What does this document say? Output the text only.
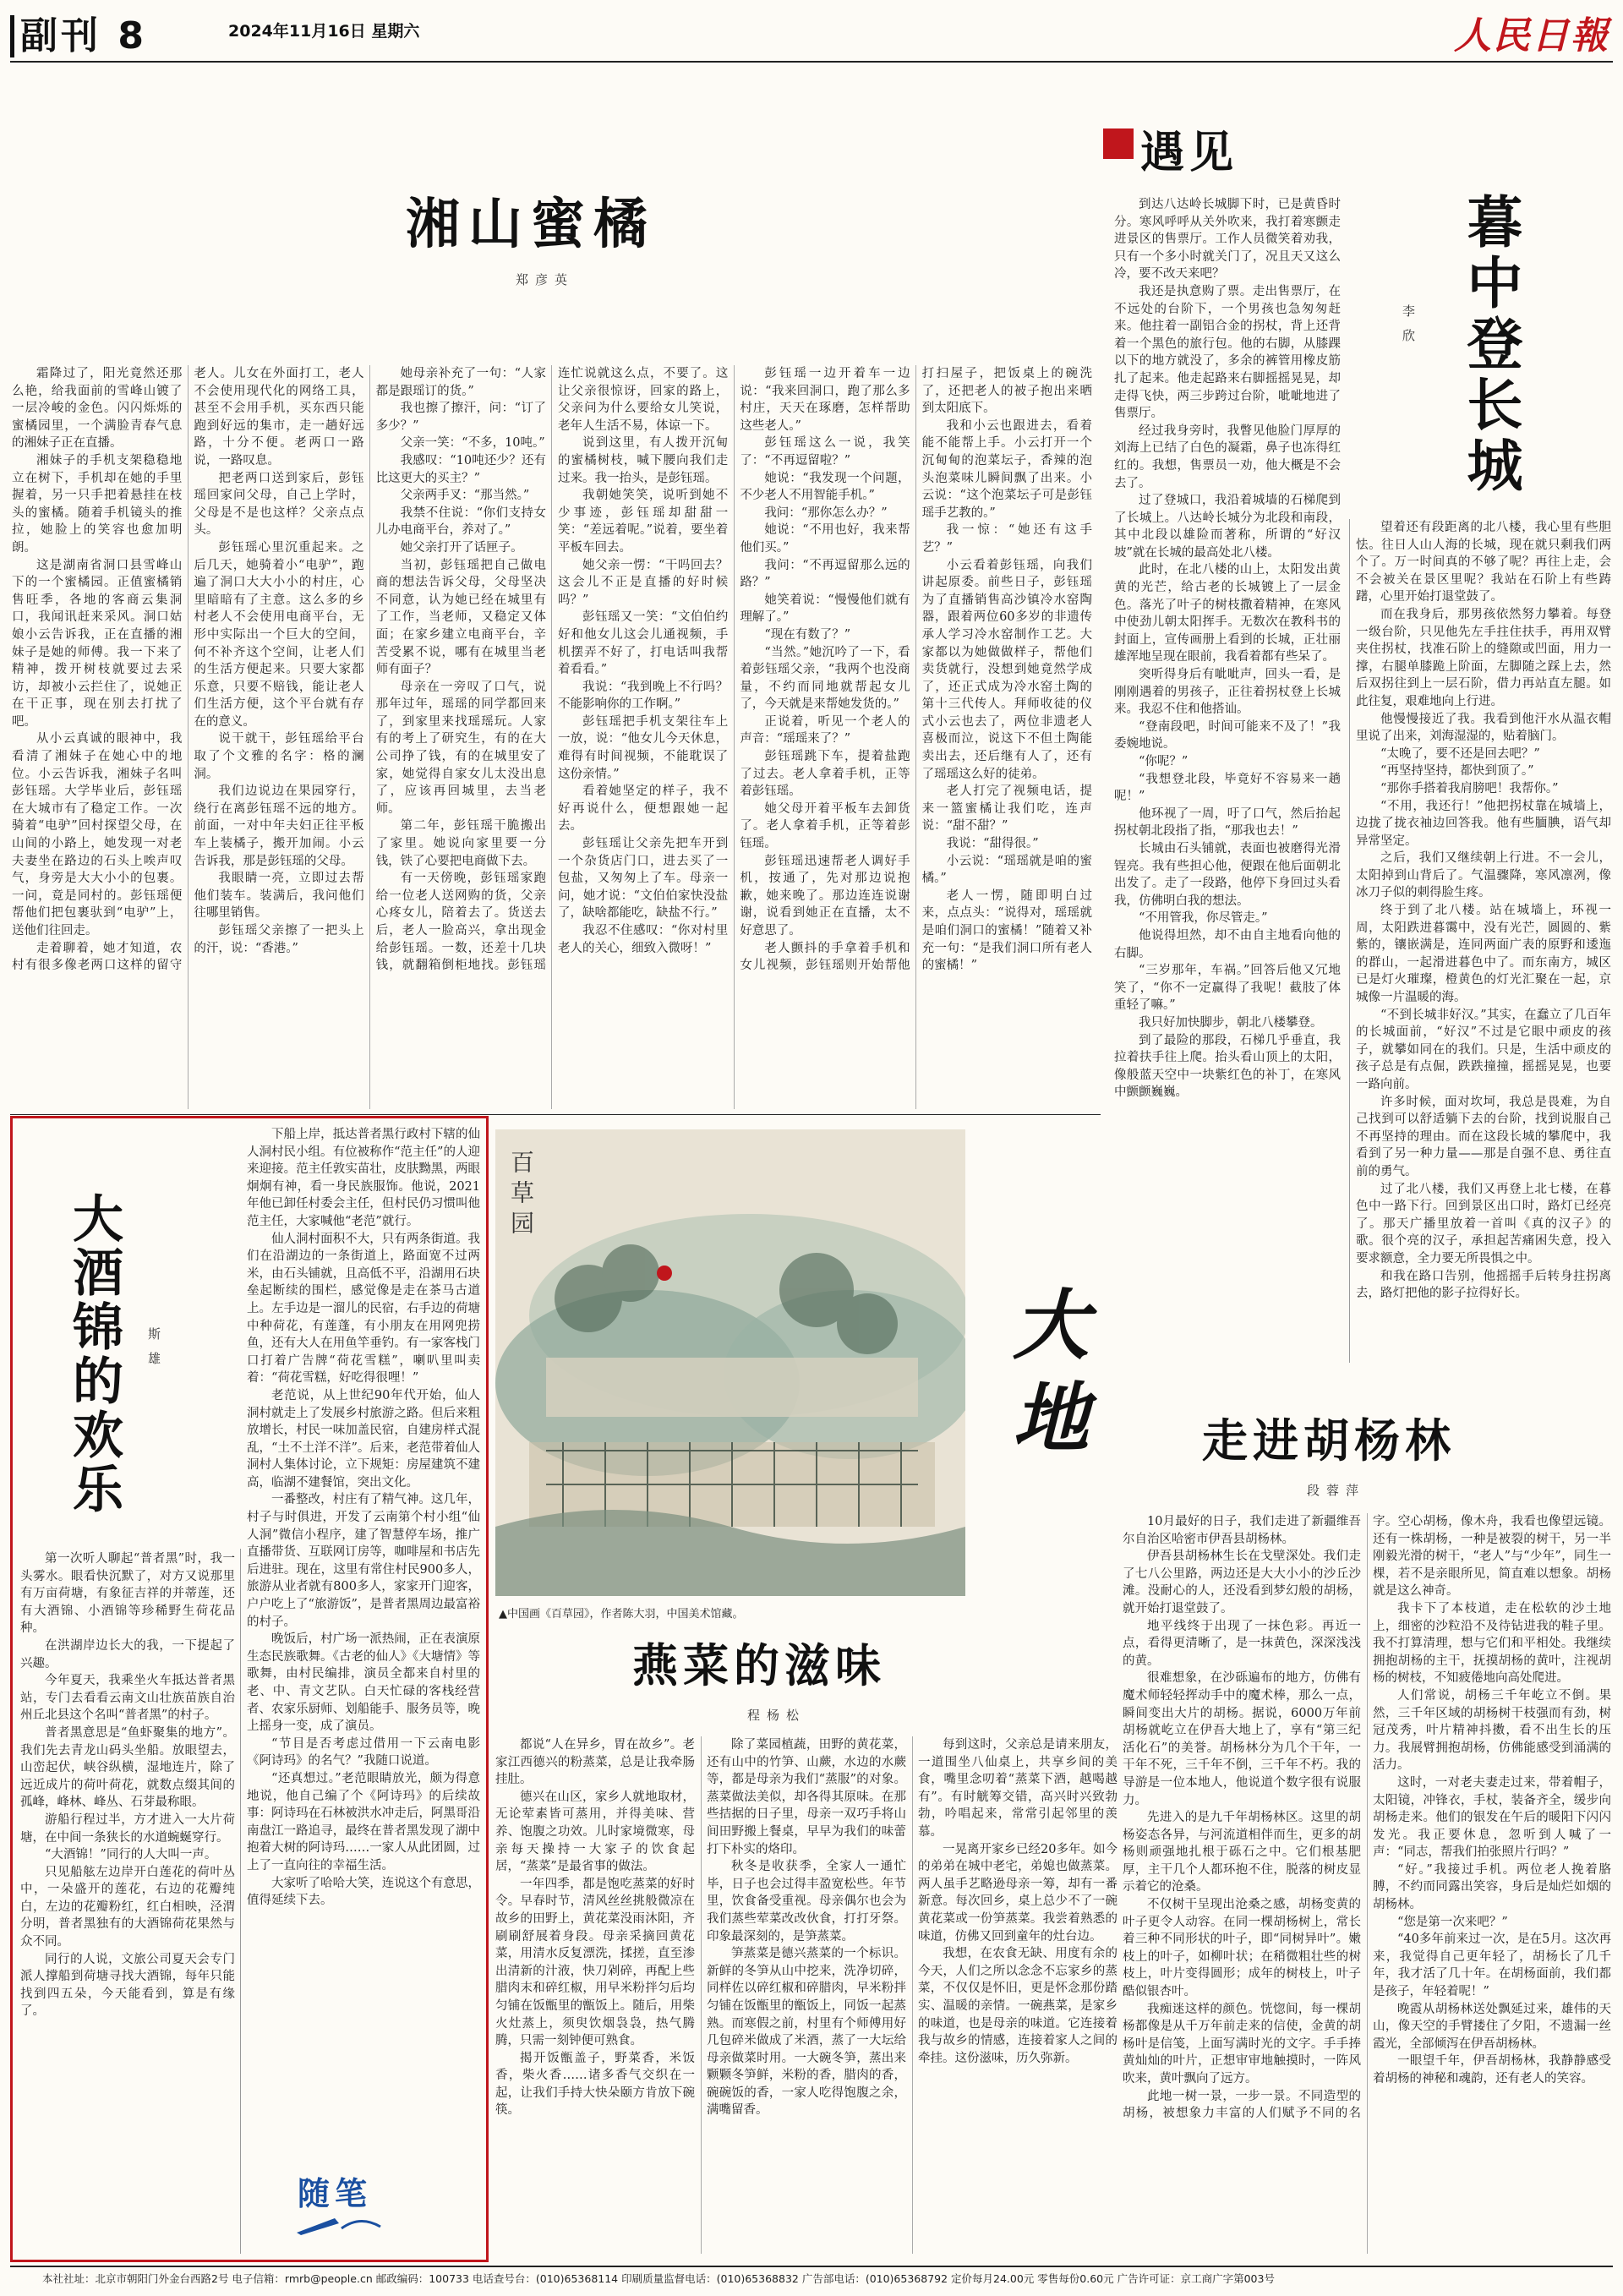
副刊 8	2024年11月16日 星期六	人民日報
湘山蜜橘
郑彦英

霜降过了，阳光竟然还那么艳，给我面前的雪峰山镀了一层冷峻的金色。闪闪烁烁的蜜橘园里，一个满脸青春气息的湘妹子正在直播。

湘妹子的手机支架稳稳地立在树下，手机却在她的手里握着，另一只手把着悬挂在枝头的蜜橘。随着手机镜头的推拉，她脸上的笑容也愈加明朗。

这是湖南省洞口县雪峰山下的一个蜜橘园。正值蜜橘销售旺季，各地的客商云集洞口，我闻讯赶来采风。洞口姑娘小云告诉我，正在直播的湘妹子是她的师傅。我一下来了精神，拨开树枝就要过去采访，却被小云拦住了，说她正在干正事，现在别去打扰了吧。

从小云真诚的眼神中，我看清了湘妹子在她心中的地位。小云告诉我，湘妹子名叫彭钰瑶。大学毕业后，彭钰瑶在大城市有了稳定工作。一次骑着“电驴”回村探望父母，在山间的小路上，她发现一对老夫妻坐在路边的石头上唉声叹气，身旁是大大小小的包裹。一问，竟是同村的。彭钰瑶便帮他们把包裹驮到“电驴”上，送他们往回走。

走着聊着，她才知道，农村有很多像老两口这样的留守老人。儿女在外面打工，老人不会使用现代化的网络工具，甚至不会用手机，买东西只能跑到好远的集市，走一趟好远路，十分不便。老两口一路说，一路叹息。

把老两口送到家后，彭钰瑶回家问父母，自己上学时，父母是不是也这样？父亲点点头。

彭钰瑶心里沉重起来。之后几天，她骑着小“电驴”，跑遍了洞口大大小小的村庄，心里暗暗有了主意。这么多的乡村老人不会使用电商平台，无形中实际出一个巨大的空间，何不补齐这个空间，让老人们的生活方便起来。只要大家都乐意，只要不赔钱，能让老人们生活方便，这个平台就有存在的意义。

说干就干，彭钰瑶给平台取了个文雅的名字：格的澜洞。

我们边说边在果园穿行，绕行在离彭钰瑶不远的地方。前面，一对中年夫妇正往平板车上装橘子，搬开加闹。小云告诉我，那是彭钰瑶的父母。

我眼睛一亮，立即过去帮他们装车。装满后，我问他们往哪里销售。

彭钰瑶父亲擦了一把头上的汗，说：“香港。”

她母亲补充了一句：“人家都是跟瑶订的货。”

我也擦了擦汗，问：“订了多少？”

父亲一笑：“不多，10吨。”

我感叹：“10吨还少？还有比这更大的买主？”

父亲两手叉：“那当然。”

我禁不住说：“你们支持女儿办电商平台，养对了。”

她父亲打开了话匣子。

当初，彭钰瑶把自己做电商的想法告诉父母，父母坚决不同意，认为她已经在城里有了工作，当老师，又稳定又体面；在家乡建立电商平台，辛苦受累不说，哪有在城里当老师有面子？

母亲在一旁叹了口气，说那年过年，瑶瑶的同学都回来了，到家里来找瑶瑶玩。人家有的考上了研究生，有的在大公司挣了钱，有的在城里安了家，她觉得自家女儿太没出息了，应该再回城里，去当老师。

第二年，彭钰瑶干脆搬出了家里。她说向家里要一分钱，铁了心要把电商做下去。

有一天傍晚，彭钰瑶家跑给一位老人送网购的货，父亲心疼女儿，陪着去了。货送去后，老人一脸高兴，拿出现金给彭钰瑶。一数，还差十几块钱，就翻箱倒柜地找。彭钰瑶连忙说就这么点，不要了。这让父亲很惊讶，回家的路上，父亲问为什么要给女儿笑说，老年人生活不易，体谅一下。

说到这里，有人拨开沉甸的蜜橘树枝，喊下腰向我们走过来。我一抬头，是彭钰瑶。

我朝她笑笑，说听到她不少事迹，彭钰瑶却甜甜一笑：“差远着呢。”说着，要坐着平板车回去。

她父亲一愣：“干吗回去？这会儿不正是直播的好时候吗？”

彭钰瑶又一笑：“文伯伯约好和他女儿这会儿通视频，手机摆弄不好了，打电话叫我帮着看看。”

我说：“我到晚上不行吗？不能影响你的工作啊。”

彭钰瑶把手机支架往车上一放，说：“他女儿今天休息，难得有时间视频，不能耽误了这份亲情。”

看着她坚定的样子，我不好再说什么，便想跟她一起去。

彭钰瑶让父亲先把车开到一个杂货店门口，进去买了一包盐，又匆匆上了车。母亲一问，她才说：“文伯伯家快没盐了，缺啥都能吃，缺盐不行。”

我忍不住感叹：“你对村里老人的关心，细致入微呀！”

彭钰瑶一边开着车一边说：“我来回洞口，跑了那么多村庄，天天在琢磨，怎样帮助这些老人。”

彭钰瑶这么一说，我笑了：“不再逗留啦？”

她说：“我发现一个问题，不少老人不用智能手机。”

我问：“那你怎么办？”

她说：“不用也好，我来帮他们买。”

我问：“不再逗留那么远的路？”

她笑着说：“慢慢他们就有理解了。”

“现在有数了？”

“当然。”她沉吟了一下，看着彭钰瑶父亲，“我两个也没商量，不约而同地就帮起女儿了，今天就是来帮她发货的。”

正说着，听见一个老人的声音：“瑶瑶来了？”

彭钰瑶跳下车，提着盐跑了过去。老人拿着手机，正等着彭钰瑶。

她父母开着平板车去卸货了。老人拿着手机，正等着彭钰瑶。

彭钰瑶迅速帮老人调好手机，按通了，先对那边说抱歉，她来晚了。那边连连说谢谢，说看到她正在直播，太不好意思了。

老人颤抖的手拿着手机和女儿视频，彭钰瑶则开始帮他打扫屋子，把饭桌上的碗洗了，还把老人的被子抱出来晒到太阳底下。

我和小云也跟进去，看着能不能帮上手。小云打开一个沉甸甸的泡菜坛子，香辣的泡头泡菜味儿瞬间飘了出来。小云说：“这个泡菜坛子可是彭钰瑶手艺教的。”

我一惊：“她还有这手艺？”

小云看着彭钰瑶，向我们讲起原委。前些日子，彭钰瑶为了直播销售高沙镇冷水窑陶器，跟着两位60多岁的非遗传承人学习冷水窑制作工艺。大家都以为她做做样子，帮他们卖货就行，没想到她竟然学成了，还正式成为冷水窑土陶的第十三代传人。拜师收徒的仪式小云也去了，两位非遗老人喜极而泣，说这下不但土陶能卖出去，还后继有人了，还有了瑶瑶这么好的徒弟。

老人打完了视频电话，提来一篮蜜橘让我们吃，连声说：“甜不甜？”

我说：“甜得很。”

小云说：“瑶瑶就是咱的蜜橘。”

老人一愣，随即明白过来，点点头：“说得对，瑶瑶就是咱们洞口的蜜橘！”随着又补充一句：“是我们洞口所有老人的蜜橘！”

遇见

到达八达岭长城脚下时，已是黄昏时分。寒风呼呼从关外吹来，我打着寒颤走进景区的售票厅。工作人员微笑着劝我，只有一个多小时就关门了，况且天又这么冷，要不改天来吧？

我还是执意购了票。走出售票厅，在不远处的台阶下，一个男孩也急匆匆赶来。他拄着一副铝合金的拐杖，背上还背着一个黑色的旅行包。他的右脚，从膝踝以下的地方就没了，多余的裤管用橡皮筋扎了起来。他走起路来右脚摇摇晃晃，却走得飞快，两三步跨过台阶，呲呲地进了售票厅。

经过我身旁时，我瞥见他脸门厚厚的刘海上已结了白色的凝霜，鼻子也冻得红红的。我想，售票员一劝，他大概是不会去了。

过了登城口，我沿着城墙的石梯爬到了长城上。八达岭长城分为北段和南段，其中北段以雄险而著称，所谓的“好汉坡”就在长城的最高处北八楼。

此时，在北八楼的山上，太阳发出黄黄的光芒，给古老的长城镀上了一层金色。落光了叶子的树枝撒着精神，在寒风中使劲儿朝太阳挥手。无数次在教科书的封面上，宣传画册上看到的长城，正壮丽雄浑地呈现在眼前，我看着都有些呆了。

突听得身后有呲呲声，回头一看，是刚刚遇着的男孩子，正往着拐杖登上长城来。我忍不住和他搭讪。

“登南段吧，时间可能来不及了！”我委婉地说。

“你呢？”

“我想登北段，毕竟好不容易来一趟呢！”

他环视了一周，吁了口气，然后抬起拐杖朝北段指了指，“那我也去！”

长城由石头铺就，表面也被磨得光滑锃亮。我有些担心他，便跟在他后面朝北出发了。走了一段路，他停下身回过头看我，仿佛明白我的想法。

“不用管我，你尽管走。”

他说得坦然，却不由自主地看向他的右脚。

“三岁那年，车祸。”回答后他又冗地笑了，“你不一定赢得了我呢！截肢了体重轻了嘛。”

我只好加快脚步，朝北八楼攀登。

到了最险的那段，石梯几乎垂直，我拉着扶手往上爬。抬头看山顶上的太阳，像般蓝天空中一块紫红色的补丁，在寒风中颤颤巍巍。

暮中登长城
李欣

望着还有段距离的北八楼，我心里有些胆怯。往日人山人海的长城，现在就只剩我们两个了。万一时间真的不够了呢？再往上走，会不会被关在景区里呢？我站在石阶上有些踌躇，心里开始打退堂鼓了。

而在我身后，那男孩依然努力攀着。每登一级台阶，只见他先左手拄住扶手，再用双臂夹住拐杖，找准石阶上的缝隙或凹面，用力一撑，右腿单膝跪上阶面，左脚随之踩上去，然后双拐往到上一层石阶，借力再站直左腿。如此往复，艰难地向上行进。

他慢慢接近了我。我看到他汗水从温衣帽里说了出来，刘海湿湿的，贴着脑门。

“太晚了，要不还是回去吧？”

“再坚持坚持，都快到顶了。”

“那你手搭着我肩膀吧！我帮你。”

“不用，我还行！”他把拐杖靠在城墙上，边拢了拢衣袖边回答我。他有些腼腆，语气却异常坚定。

之后，我们又继续朝上行进。不一会儿，太阳掉到山背后了。气温骤降，寒风凛冽，像冰刀子似的刺得脸生疼。

终于到了北八楼。站在城墙上，环视一周，太阳跌进暮霭中，没有光芒，圆圆的、紫紫的，镶嵌满是，连同两面广表的原野和逶迤的群山，一起滑进暮色中了。而东南方，城区已是灯火璀璨，橙黄色的灯光汇聚在一起，京城像一片温暖的海。

“不到长城非好汉。”其实，在蠢立了几百年的长城面前，“好汉”不过是它眼中顽皮的孩子，就攀如同在的我们。只是，生活中顽皮的孩子总是有点倔，跌跌撞撞，摇摇晃晃，也要一路向前。

许多时候，面对坎坷，我总是畏难，为自己找到可以舒适躺下去的台阶，找到说服自己不再坚持的理由。而在这段长城的攀爬中，我看到了另一种力量——那是自强不息、勇往直前的勇气。

过了北八楼，我们又再登上北七楼，在暮色中一路下行。回到景区出口时，路灯已经亮了。那天广播里放着一首叫《真的汉子》的歌。很个亮的汉子，承担起苦痛困失意，投入要求额意，全力要无所畏惧之中。

和我在路口告别，他摇摇手后转身拄拐离去，路灯把他的影子拉得好长。

大酒锦的欢乐	斯雄

第一次听人聊起“普者黑”时，我一头雾水。眼看快沉默了，对方又说那里有万亩荷塘，有象征吉祥的并蒂莲，还有大酒锦、小酒锦等珍稀野生荷花品种。

在洪湖岸边长大的我，一下提起了兴趣。

今年夏天，我乘坐火车抵达普者黑站，专门去看看云南文山壮族苗族自治州丘北县这个名叫“普者黑”的村子。

普者黑意思是“鱼虾聚集的地方”。我们先去青龙山码头坐船。放眼望去，山峦起伏，峡谷纵横，湿地连片，除了远近成片的荷叶荷花，就数点缀其间的孤峰，峰林、峰丛、石芽最称眼。

游船行程过半，方才进入一大片荷塘，在中间一条狭长的水道蜿蜒穿行。

“大酒锦！”同行的人大叫一声。

只见船舷左边岸开白莲花的荷叶丛中，一朵盛开的莲花，右边的花瓣纯白，左边的花瓣粉红，红白相映，泾渭分明，普者黑独有的大酒锦荷花果然与众不同。

同行的人说，文旅公司夏天会专门派人撑船到荷塘寻找大酒锦，每年只能找到四五朵，今天能看到，算是有缘了。

下船上岸，抵达普者黑行政村下辖的仙人洞村民小组。有位被称作“范主任”的人迎来迎接。范主任敦实苗壮，皮肤黝黑，两眼炯炯有神，看一身民族服饰。他说，2021年他已卸任村委会主任，但村民仍习惯叫他范主任，大家喊他“老范”就行。

仙人洞村面积不大，只有两条街道。我们在沿湖边的一条街道上，路面宽不过两米，由石头铺就，且高低不平，沿湖用石块垒起断续的围栏，感觉像是走在茶马古道上。左手边是一溜儿的民宿，右手边的荷塘中种荷花，有莲蓬，有小朋友在用网兜捞鱼，还有大人在用鱼竿垂钓。有一家客栈门口打着广告牌“荷花雪糕”，喇叭里叫卖着：“荷花雪糕，好吃得很哩！”

老范说，从上世纪90年代开始，仙人洞村就走上了发展乡村旅游之路。但后来粗放增长，村民一味加盖民宿，自建房样式混乱，“土不土洋不洋”。后来，老范带着仙人洞村人集体讨论，立下规矩：房屋建筑不建高，临湖不建餐馆，突出文化。

一番整改，村庄有了精气神。这几年，村子与时俱进，开发了云南第个村小组“仙人洞”微信小程序，建了智慧停车场，推广直播带货、互联网订房等，咖啡屋和书店先后进驻。现在，这里有常住村民900多人，旅游从业者就有800多人，家家开门迎客，户户吃上了“旅游饭”，是普者黑周边最富裕的村子。

晚饭后，村广场一派热闹，正在表演原生态民族歌舞。《古老的仙人》《大塘情》等歌舞，由村民编排，演员全都来自村里的老、中、青文艺队。白天忙碌的客栈经营者、农家乐厨师、划船能手、服务员等，晚上摇身一变，成了演员。

“节目是否考虑过借用一下云南电影《阿诗玛》的名气？”我随口说道。

“还真想过。”老范眼睛放光，颇为得意地说，他自己编了个《阿诗玛》的后续故事：阿诗玛在石林被洪水冲走后，阿黑哥沿南盘江一路追寻，最终在普者黑发现了湖中抱着大树的阿诗玛……一家人从此团圆，过上了一直向往的幸福生活。

大家听了哈哈大笑，连说这个有意思，值得延续下去。

随笔
百草园
▲中国画《百草园》，作者陈大羽，中国美术馆藏。
大地
燕菜的滋味
程杨松

都说“人在异乡，胃在故乡”。老家江西德兴的粉蒸菜，总是让我牵肠挂肚。

德兴在山区，家乡人就地取材，无论荤素皆可蒸用，并得美味、营养、饱腹之功效。儿时家境微寒，母亲每天操持一大家子的饮食起居，“蒸菜”是最省事的做法。

一年四季，都是饱吃蒸菜的好时令。早春时节，清风丝丝挑般微凉在故乡的田野上，黄花菜没雨沐阳，齐刷刷舒展着身段。母亲采摘回黄花菜，用清水反复漂洗，揉搓，直至渗出清新的汁液，快刀剁碎，再配上些腊肉末和碎红椒，用早米粉拌匀后均匀铺在饭甑里的甑饭上。随后，用柴火灶蒸上，须臾饮烟袅袅，热气腾腾，只需一刻钟便可熟食。

揭开饭甑盖子，野菜香，米饭香，柴火香……诸多香气交织在一起，让我们手持大快朵颐方肯放下碗筷。

除了菜园植蔬，田野的黄花菜，还有山中的竹笋、山蕨，水边的水蕨等，都是母亲为我们“蒸服”的对象。蒸菜做法美似，却各得其原味。在那些拮据的日子里，母亲一双巧手将山间田野搬上餐桌，早早为我们的味蕾打下朴实的烙印。

秋冬是收获季，全家人一通忙毕，日子也会过得丰盈宽松些。年节里，饮食备受重视。母亲偶尔也会为我们蒸些荤菜改改伙食，打打牙祭。印象最深刻的，是笋蒸菜。

笋蒸菜是德兴蒸菜的一个标识。新鲜的冬笋从山中挖来，洗净切碎，同样佐以碎红椒和碎腊肉，早米粉拌匀铺在饭甑里的甑饭上，同饭一起蒸熟。而寒假之前，村里有个师傅用好几包碎米做成了米酒，蒸了一大坛给母亲做菜时用。一大碗冬笋，蒸出来颗颗冬笋鲜，米粉的香，腊肉的香，碗碗饭的香，一家人吃得饱腹之余，满嘴留香。

每到这时，父亲总是请来朋友，一道围坐八仙桌上，共享乡间的美食，嘴里念叨着“蒸菜下酒，越喝越有”。有时觥筹交错，高兴时兴致勃勃，吟唱起来，常常引起邻里的羡慕。

一晃离开家乡已经20多年。如今的弟弟在城中老宅，弟媳也做蒸菜。两人虽手艺略逊母亲一筹，却有一番新意。每次回乡，桌上总少不了一碗黄花菜或一份笋蒸菜。我尝着熟悉的味道，仿佛又回到童年的灶台边。

我想，在农食无缺、用度有余的今天，人们之所以念念不忘家乡的蒸菜，不仅仅是怀旧，更是怀念那份踏实、温暖的亲情。一碗燕菜，是家乡的味道，也是母亲的味道。它连接着我与故乡的情感，连接着家人之间的牵挂。这份滋味，历久弥新。

走进胡杨林
段蓉萍

10月最好的日子，我们走进了新疆维吾尔自治区哈密市伊吾县胡杨林。

伊吾县胡杨林生长在戈壁深处。我们走了七八公里路，两边还是大大小小的沙丘沙滩。没耐心的人，还没看到梦幻般的胡杨，就开始打退堂鼓了。

地平线终于出现了一抹色彩。再近一点，看得更清晰了，是一抹黄色，深深浅浅的黄。

很难想象，在沙砾遍布的地方，仿佛有魔术师轻轻挥动手中的魔术棒，那么一点，瞬间变出大片的胡杨。据说，6000万年前胡杨就屹立在伊吾大地上了，享有“第三纪活化石”的美誉。胡杨林分为几个干年，一干年不死，三千年不倒，三千年不朽。我的导游是一位本地人，他说道个数字很有说服力。

先进入的是九千年胡杨林区。这里的胡杨姿态各异，与河流道相伴而生，更多的胡杨则顽强地扎根于砾石之中。它们根基肥厚，主干几个人都环抱不住，脱落的树皮显示着它的沧桑。

不仅树干呈现出沧桑之感，胡杨变黄的叶子更令人动容。在同一棵胡杨树上，常长着三种不同形状的叶子，即“同树异叶”。嫩枝上的叶子，如柳叶状；在稍微粗壮些的树枝上，叶片变得圆形；成年的树枝上，叶子酷似银杏叶。

我痴迷这样的颜色。恍惚间，每一棵胡杨都像是从千万年前走来的信使，金黄的胡杨叶是信笺，上面写满时光的文字。手手捧黄灿灿的叶片，正想审审地触摸时，一阵风吹来，黄叶飘向了远方。

此地一树一景，一步一景。不同造型的胡杨，被想象力丰富的人们赋予不同的名字。空心胡杨，像木舟，我看也像望远镜。还有一株胡杨，一种是被裂的树干，另一半刚毅光滑的树干，“老人”与“少年”，同生一棵，若不是亲眼所见，简直难以想象。胡杨就是这么神奇。

我卡下了本枝道，走在松软的沙土地上，细密的沙粒沿不及待钻进我的鞋子里。我不打算清理，想与它们和平相处。我继续拥抱胡杨的主干，抚摸胡杨的黄叶，注视胡杨的树枝，不知疲倦地向高处爬进。

人们常说，胡杨三千年屹立不倒。果然，三千年区域的胡杨树干枝强而有劲，树冠茂秀，叶片精神抖擞，看不出生长的压力。我展臂拥抱胡杨，仿佛能感受到涌满的活力。

这时，一对老夫妻走过来，带着帽子，太阳镜，冲锋衣，手杖，装备齐全，缓步向胡杨走来。他们的银发在午后的暖阳下闪闪发光。我正要休息，忽听到人喊了一声：“同志，帮我们拍张照片行吗？”

“好。”我接过手机。两位老人挽着胳膊，不约而同露出笑容，身后是灿烂如烟的胡杨林。

“您是第一次来吧？”

“40多年前来过一次，是在5月。这次再来，我觉得自己更年轻了，胡杨长了几千年，我才活了几十年。在胡杨面前，我们都是孩子，年轻着呢！”

晚霞从胡杨林送处飘延过来，雄伟的天山，像天空的手臂搂住了夕阳，不遗漏一丝霞光，全部倾泻在伊吾胡杨林。

一眼望千年，伊吾胡杨林，我静静感受着胡杨的神秘和魂韵，还有老人的笑容。

本社社址：北京市朝阳门外金台西路2号 电子信箱：rmrb@people.cn 邮政编码：100733 电话查号台：(010)65368114 印刷质量监督电话：(010)65368832 广告部电话：(010)65368792 定价每月24.00元 零售每份0.60元 广告许可证：京工商广字第003号
